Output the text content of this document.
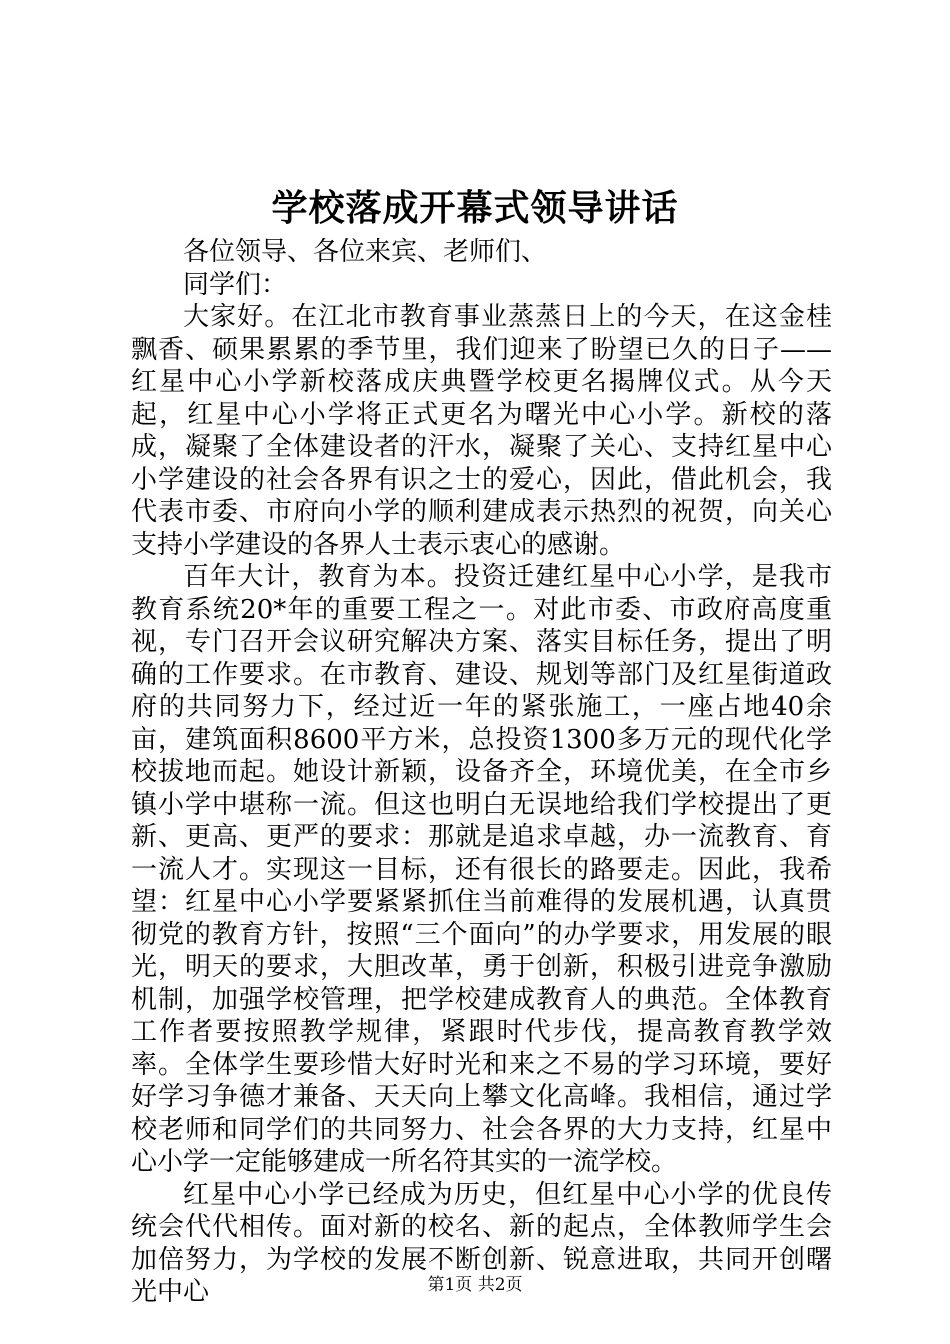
学校落成开幕式领导讲话

各位领导、各位来宾、老师们、

同学们：

大家好。在江北市教育事业蒸蒸日上的今天，在这金桂飘香、硕果累累的季节里，我们迎来了盼望已久的日子——红星中心小学新校落成庆典暨学校更名揭牌仪式。从今天起，红星中心小学将正式更名为曙光中心小学。新校的落成，凝聚了全体建设者的汗水，凝聚了关心、支持红星中心小学建设的社会各界有识之士的爱心，因此，借此机会，我代表市委、市府向小学的顺利建成表示热烈的祝贺，向关心支持小学建设的各界人士表示衷心的感谢。

百年大计，教育为本。投资迁建红星中心小学，是我市教育系统20*年的重要工程之一。对此市委、市政府高度重视，专门召开会议研究解决方案、落实目标任务，提出了明确的工作要求。在市教育、建设、规划等部门及红星街道政府的共同努力下，经过近一年的紧张施工，一座占地40余亩，建筑面积8600平方米，总投资1300多万元的现代化学校拔地而起。她设计新颖，设备齐全，环境优美，在全市乡镇小学中堪称一流。但这也明白无误地给我们学校提出了更新、更高、更严的要求：那就是追求卓越，办一流教育、育一流人才。实现这一目标，还有很长的路要走。因此，我希望：红星中心小学要紧紧抓住当前难得的发展机遇，认真贯彻党的教育方针，按照“三个面向”的办学要求，用发展的眼光，明天的要求，大胆改革，勇于创新，积极引进竞争激励机制，加强学校管理，把学校建成教育人的典范。全体教育工作者要按照教学规律，紧跟时代步伐，提高教育教学效率。全体学生要珍惜大好时光和来之不易的学习环境，要好好学习争德才兼备、天天向上攀文化高峰。我相信，通过学校老师和同学们的共同努力、社会各界的大力支持，红星中心小学一定能够建成一所名符其实的一流学校。

红星中心小学已经成为历史，但红星中心小学的优良传统会代代相传。面对新的校名、新的起点，全体教师学生会加倍努力，为学校的发展不断创新、锐意进取，共同开创曙光中心	第1页 共2页
